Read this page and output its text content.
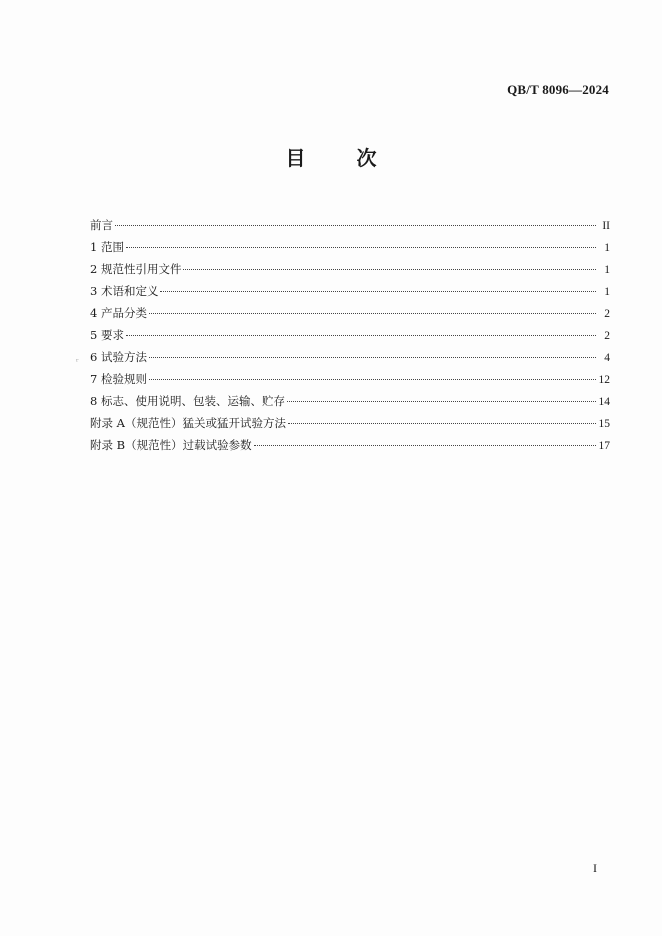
QB/T 8096—2024
目 次
ʳ
前言	II
1 范围	1
2 规范性引用文件	1
3 术语和定义	1
4 产品分类	2
5 要求	2
6 试验方法	4
7 检验规则	12
8 标志、使用说明、包装、运输、贮存	14
附录 A（规范性）猛关或猛开试验方法	15
附录 B（规范性）过载试验参数	17
I
